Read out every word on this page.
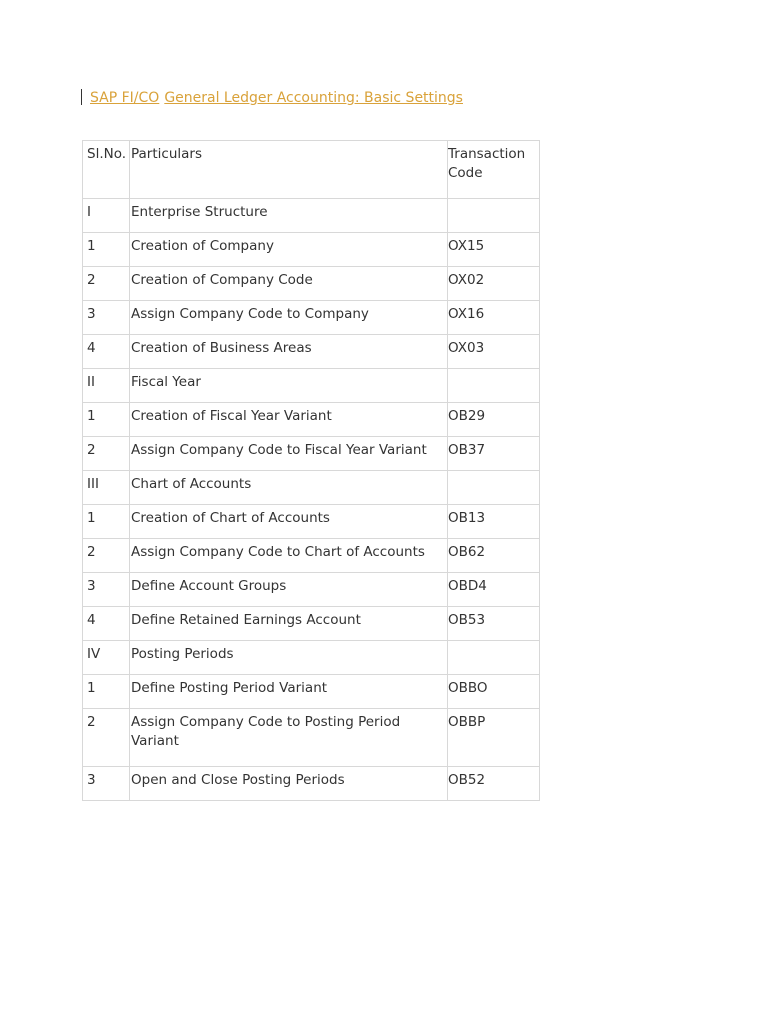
SAP FI/CO General Ledger Accounting: Basic Settings
Sl.No.	Particulars	Transaction Code
I	Enterprise Structure	
1	Creation of Company	OX15
2	Creation of Company Code	OX02
3	Assign Company Code to Company	OX16
4	Creation of Business Areas	OX03
II	Fiscal Year	
1	Creation of Fiscal Year Variant	OB29
2	Assign Company Code to Fiscal Year Variant	OB37
III	Chart of Accounts	
1	Creation of Chart of Accounts	OB13
2	Assign Company Code to Chart of Accounts	OB62
3	Define Account Groups	OBD4
4	Define Retained Earnings Account	OB53
IV	Posting Periods	
1	Define Posting Period Variant	OBBO
2	Assign Company Code to Posting Period Variant	OBBP
3	Open and Close Posting Periods	OB52
